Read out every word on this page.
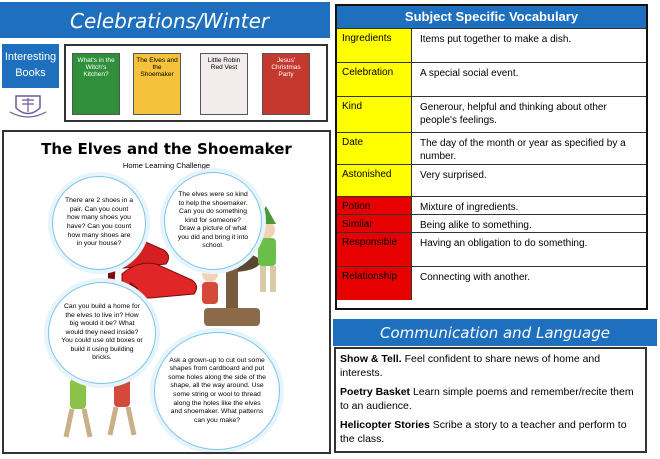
Celebrations/Winter
Interesting Books
What's in the Witch's Kitchen?
The Elves and the Shoemaker
Little Robin Red Vest
Jesus' Christmas Party
Subject Specific Vocabulary
Ingredients	Items put together to make a dish.
Celebration	A special social event.
Kind	Generour, helpful and thinking about other people's feelings.
Date	The day of the month or year as specified by a number.
Astonished	Very surprised.
Potion	Mixture of ingredients.
Similar	Being alike to something.
Responsible	Having an obligation to do something.
Relationship	Connecting with another.
The Elves and the Shoemaker
Home Learning Challenge
There are 2 shoes in a pair. Can you count how many shoes you have? Can you count how many shoes are in your house?
The elves were so kind to help the shoemaker. Can you do something kind for someone? Draw a picture of what you did and bring it into school.
Can you build a home for the elves to live in? How big would it be? What would they need inside? You could use old boxes or build it using building bricks.	Ask a grown-up to cut out some shapes from cardboard and put some holes along the side of the shape, all the way around. Use some string or wool to thread along the holes like the elves and shoemaker. What patterns can you make?
Communication and Language
Show & Tell. Feel confident to share news of home and interests.
Poetry Basket Learn simple poems and remember/recite them to an audience.
Helicopter Stories Scribe a story to a teacher and perform to the class.
